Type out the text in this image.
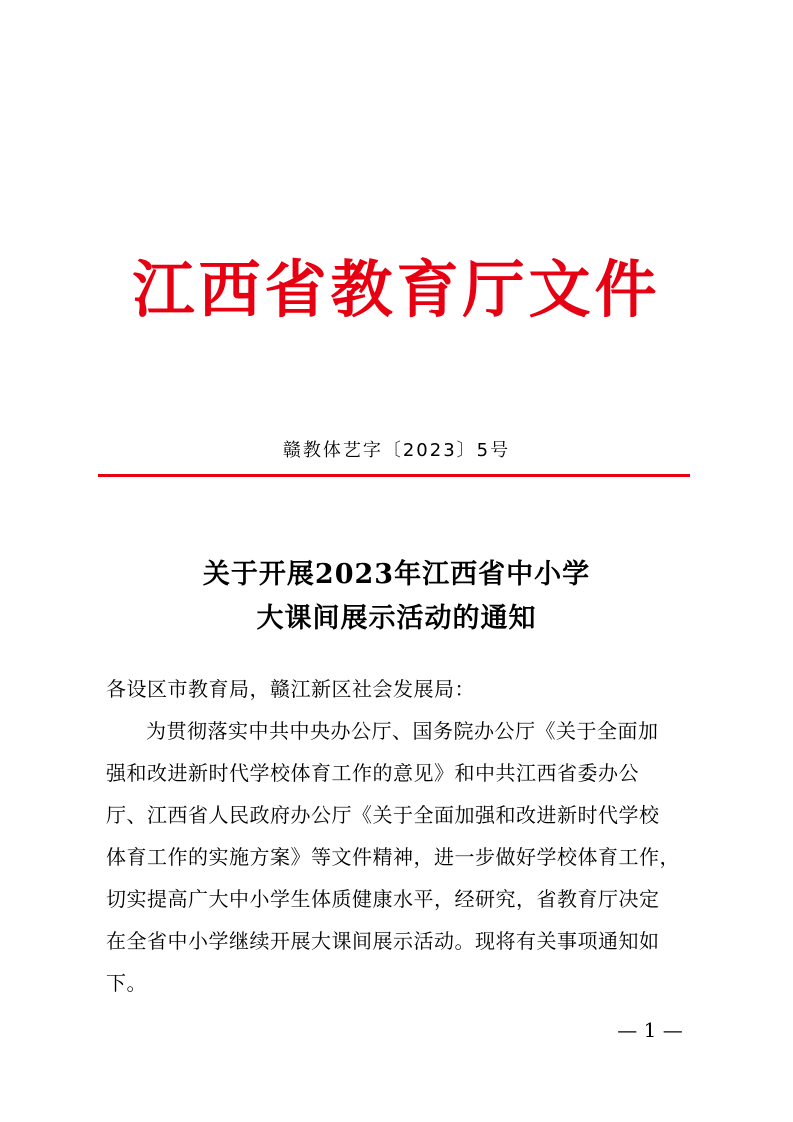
江西省教育厅文件
赣教体艺字〔2023〕5号
关于开展2023年江西省中小学
大课间展示活动的通知
各设区市教育局，赣江新区社会发展局：
为贯彻落实中共中央办公厅、国务院办公厅《关于全面加
强和改进新时代学校体育工作的意见》和中共江西省委办公
厅、江西省人民政府办公厅《关于全面加强和改进新时代学校
体育工作的实施方案》等文件精神，进一步做好学校体育工作，
切实提高广大中小学生体质健康水平，经研究，省教育厅决定
在全省中小学继续开展大课间展示活动。现将有关事项通知如
下。
— 1 —
